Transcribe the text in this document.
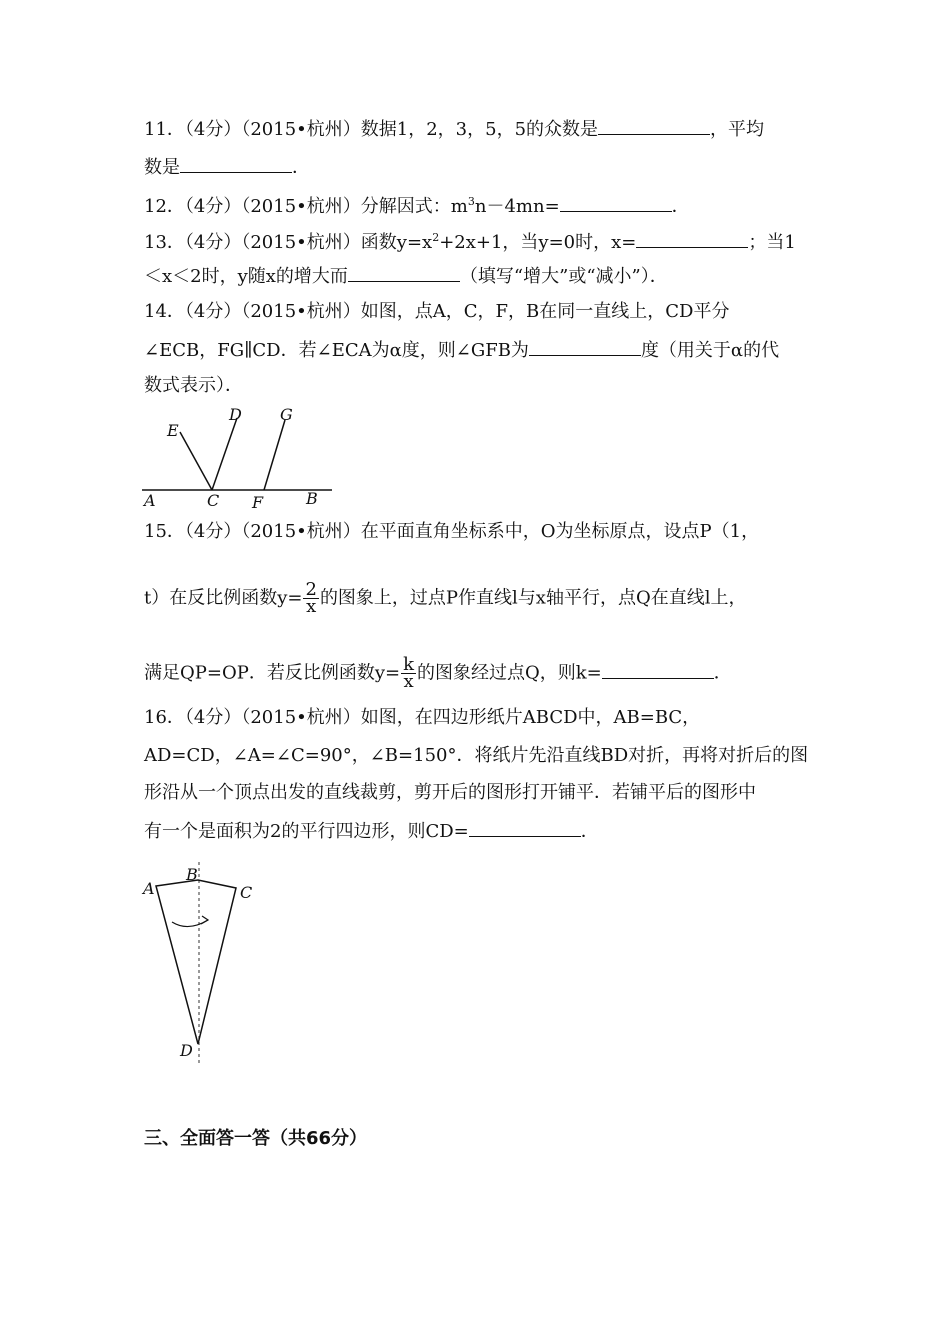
11．（4分）（2015•杭州）数据1，2，3，5，5的众数是	，平均
数是	．
12．（4分）（2015•杭州）分解因式：$m^3n-4mn=$	．
13．（4分）（2015•杭州）函数$y=x^2+2x+1$，当y=0时，x=	；当1
＜x＜2时，y随x的增大而	（填写“增大”或“减小”）．
14．（4分）（2015•杭州）如图，点A，C，F，B在同一直线上，CD平分
∠ECB，FG∥CD．若∠ECA为α度，则∠GFB为	度（用关于α的代
数式表示）．
E
D G
A	C F	B
15．（4分）（2015•杭州）在平面直角坐标系中，O为坐标原点，设点P（1，
t）在反比例函数$y= \frac{2}{x}$ 的图象上，过点P作直线l与x轴平行，点Q在直线l上，
满足QP=OP．若反比例函数$y= \frac{k}{x}$ 的图象经过点Q，则k=	．
16．（4分）（2015•杭州）如图，在四边形纸片ABCD中，AB=BC，
AD=CD，∠A=∠C=90°，∠B=150°．将纸片先沿直线BD对折，再将对折后的图
形沿从一个顶点出发的直线裁剪，剪开后的图形打开铺平．若铺平后的图形中
有一个是面积为2的平行四边形，则CD=	．
A
B
C
D
三、全面答一答（共66分）
